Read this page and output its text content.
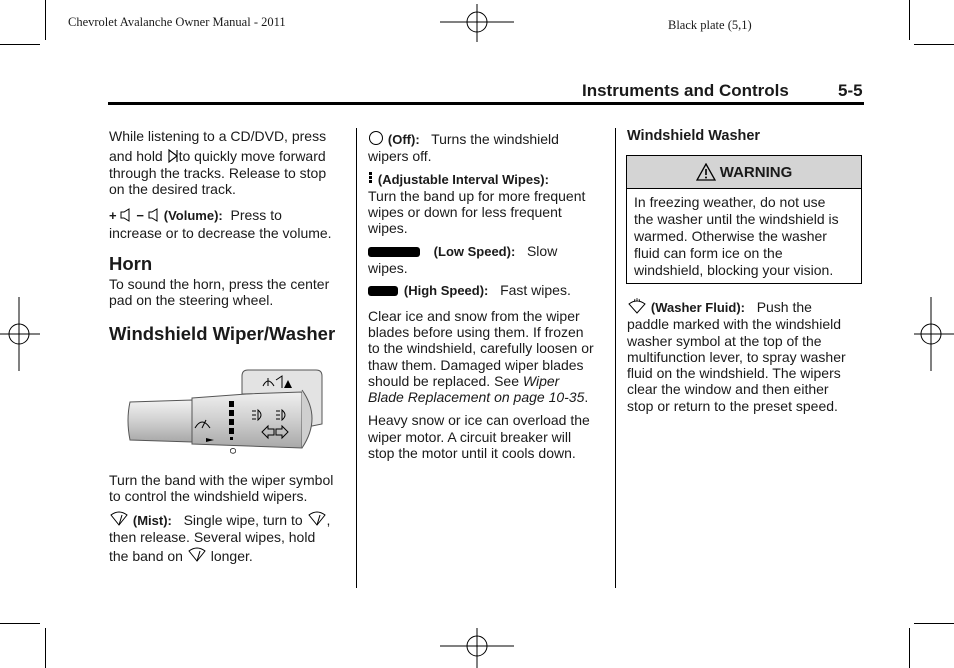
Chevrolet Avalanche Owner Manual - 2011	Black plate (5,1)
Instruments and Controls	5-5
While listening to a CD/DVD, press
and hold to quickly move forward
through the tracks. Release to stop
on the desired track.
+ − (Volume): Press to
increase or to decrease the volume.
Horn
To sound the horn, press the center
pad on the steering wheel.
Windshield Wiper/Washer
O
Turn the band with the wiper symbol
to control the windshield wipers.
(Mist): Single wipe, turn to ,
then release. Several wipes, hold
the band on longer.
(Off): Turns the windshield
wipers off.
(Adjustable Interval Wipes):
Turn the band up for more frequent
wipes or down for less frequent
wipes.
(Low Speed): Slow
wipes.
(High Speed): Fast wipes.
Clear ice and snow from the wiper
blades before using them. If frozen
to the windshield, carefully loosen or
thaw them. Damaged wiper blades
should be replaced. See Wiper
Blade Replacement on page 10-35.
Heavy snow or ice can overload the
wiper motor. A circuit breaker will
stop the motor until it cools down.
Windshield Washer
WARNING
In freezing weather, do not use
the washer until the windshield is
warmed. Otherwise the washer
fluid can form ice on the
windshield, blocking your vision.
(Washer Fluid): Push the
paddle marked with the windshield
washer symbol at the top of the
multifunction lever, to spray washer
fluid on the windshield. The wipers
clear the window and then either
stop or return to the preset speed.
